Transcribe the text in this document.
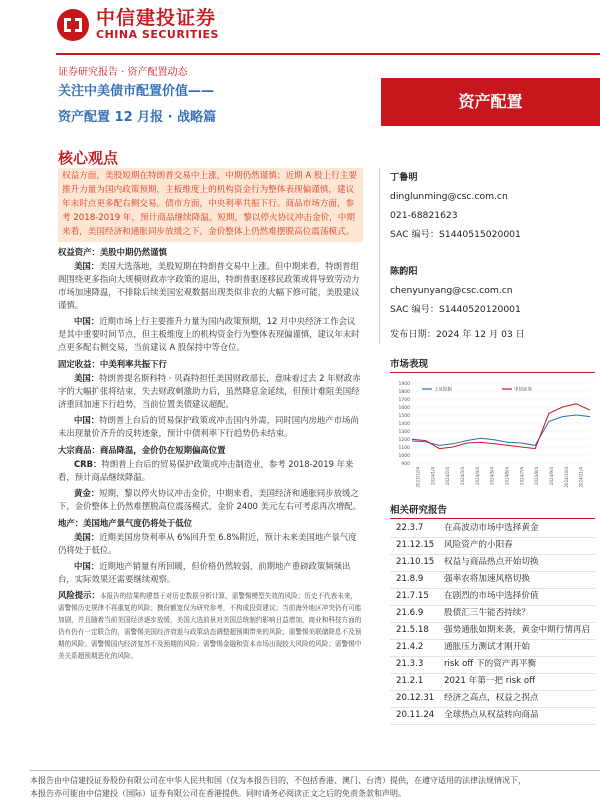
中信建投证券
CHINA SECURITIES
证券研究报告 · 资产配置动态
关注中美债市配置价值——
资产配置 12 月报 · 战略篇
资产配置
核心观点
权益方面，美股短期在特朗普交易中上涨，中期仍然谨慎；近期 A 股上行主要推升力量为国内政策预期，主板维度上的机构资金行为整体表现偏谨慎，建议年末时点更多配右侧交易。债市方面，中央利率共振下行。商品市场方面，参考 2018-2019 年，预计商品继续降温。短期，黎以停火协议冲击金价，中期来看，美国经济和通胀同步放缓之下，金价整体上仍然难摆脱高位震荡模式。
权益资产：美股中期仍然谨慎
美国：美国大选落地，美股短期在特朗普交易中上涨。但中期来看，特朗普组阁围绕更多指向大规模财政赤字政策的退出，特朗普驱逐移民政策或将导致劳动力市场加速降温，不排除后续美国宏观数据出现类似非农的大幅下修可能，美股建议谨慎。
中国：近期市场上行主要推升力量为国内政策预期，12 月中央经济工作会议是其中重要时间节点，但主板维度上的机构资金行为整体表现偏谨慎，建议年末时点更多配右侧交易，当前建议 A 股保持中等仓位。
固定收益：中美利率共振下行
美国：特朗普提名斯科特 · 贝森特担任美国财政部长，意味着过去 2 年财政赤字的大幅扩张将结束，失去财政刺激助力后，虽然降息金延续，但预计难阻美国经济重回加速下行趋势，当前位置美债建议超配。
中国：特朗普上台后的贸易保护政策或冲击国内外需，同时国内房地产市场尚未出现量价齐升的反转迹象，预计中债利率下行趋势仍未结束。
大宗商品：商品降温，金价仍在短期偏高位置
CRB：特朗普上台后的贸易保护政策或冲击制造业，参考 2018-2019 年来看，预计商品继续降温。
黄金：短期，黎以停火协议冲击金价，中期来看，美国经济和通胀同步放缓之下，金价整体上仍然难摆脱高位震荡模式，金价 2400 美元左右可考虑再次增配。
地产：美国地产景气度仍将处于低位
美国：近期美国房贷利率从 6%回升至 6.8%附近，预计未来美国地产景气度仍将处于低位。
中国：近期地产销量有所回暖，但价格仍然较弱，前期地产重磅政策频频出台，实际效果还需要继续观察。
风险提示：本报告的结果构建基于对历史数据分析计算，需警惕模型失效的风险；历史不代表未来，需警惕历史规律不再重复的风险；携份额宽仅为研究参考，不构成投资建议；当前海外地区冲突仍有可能加剧，并且随着当前美国经济逐步放缓，美国大选前景对美国总统制约影响日益增加，商业和科技方面的仍有仍有一定联合的，需警惕美国经济衰退与政策动态调整超预期带来的风险；需警惕美联储降息不及预期的风险；需警惕国内经济复苏不及预期的风险；需警惕金融和资本市场出现较大风险的风险；需警惕中美关系超预期恶化的风险。
丁鲁明
dinglunming@csc.com.cn
021-68821623
SAC 编号：S1440515020001
陈韵阳
chenyunyang@csc.com.cn
SAC 编号：S1440520120001
发布日期：2024 年 12 月 03 日
市场表现
1900
1800
1700
1600
1500
1400
1300
1200
1100
1000
900
2023/12/4 2024/1/4 2024/2/4 2024/3/4 2024/4/4 2024/5/4 2024/6/4 2024/7/4 2024/8/4 2024/9/4 2024/10/4 2024/11/4
上证综指	中信证券
相关研究报告
22.3.7	在高波动市场中选择黄金
21.12.15	风险资产的小阳春
21.10.15	权益与商品热点开始切换
21.8.9	强率农将加速风格切换
21.7.15	在剧烈的市场中选择价值
21.6.9	股债汇三牛能否持续？
21.5.18	强势通胀如期来袭，黄金中期行情再启
21.4.2	通胀压力测试才刚开始
21.3.3	risk off 下的资产再平衡
21.2.1	2021 年第一把 risk off
20.12.31	经济之高点，权益之拐点
20.11.24	全球热点从权益转向商品
本报告由中信建投证券股份有限公司在中华人民共和国（仅为本报告目的，不包括香港、澳门、台湾）提供，在遵守适用的法律法规情况下，
本报告亦可能由中信建投（国际）证券有限公司在香港提供。同时请务必阅读正文之后的免责条款和声明。
